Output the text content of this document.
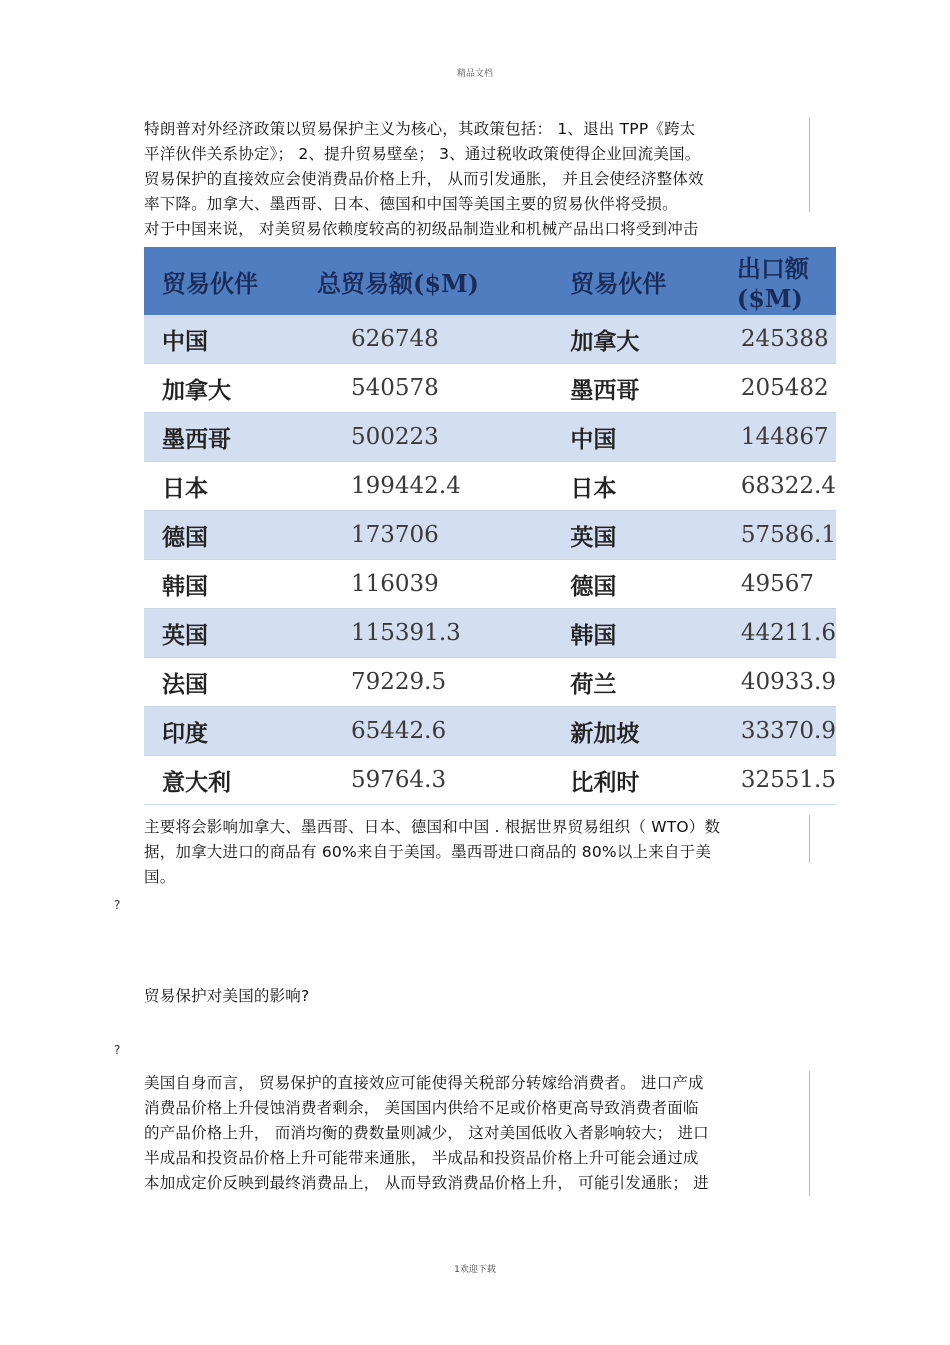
精品文档
特朗普对外经济政策以贸易保护主义为核心，其政策包括： 1、退出 TPP《跨太
平洋伙伴关系协定》； 2、提升贸易壁垒； 3、通过税收政策使得企业回流美国。
贸易保护的直接效应会使消费品价格上升， 从而引发通胀， 并且会使经济整体效
率下降。加拿大、墨西哥、日本、德国和中国等美国主要的贸易伙伴将受损。
对于中国来说， 对美贸易依赖度较高的初级品制造业和机械产品出口将受到冲击
贸易伙伴	总贸易额($M)	贸易伙伴	出口额($M)
中国	626748	加拿大	245388
加拿大	540578	墨西哥	205482
墨西哥	500223	中国	144867
日本	199442.4	日本	68322.4
德国	173706	英国	57586.1
韩国	116039	德国	49567
英国	115391.3	韩国	44211.6
法国	79229.5	荷兰	40933.9
印度	65442.6	新加坡	33370.9
意大利	59764.3	比利时	32551.5
主要将会影响加拿大、墨西哥、日本、德国和中国 . 根据世界贸易组织（ WTO）数
据，加拿大进口的商品有 60%来自于美国。墨西哥进口商品的 80%以上来自于美
国。
?
贸易保护对美国的影响?
?
美国自身而言， 贸易保护的直接效应可能使得关税部分转嫁给消费者。 进口产成
消费品价格上升侵蚀消费者剩余， 美国国内供给不足或价格更高导致消费者面临
的产品价格上升， 而消均衡的费数量则减少， 这对美国低收入者影响较大； 进口
半成品和投资品价格上升可能带来通胀， 半成品和投资品价格上升可能会通过成
本加成定价反映到最终消费品上， 从而导致消费品价格上升， 可能引发通胀； 进
1欢迎下载
